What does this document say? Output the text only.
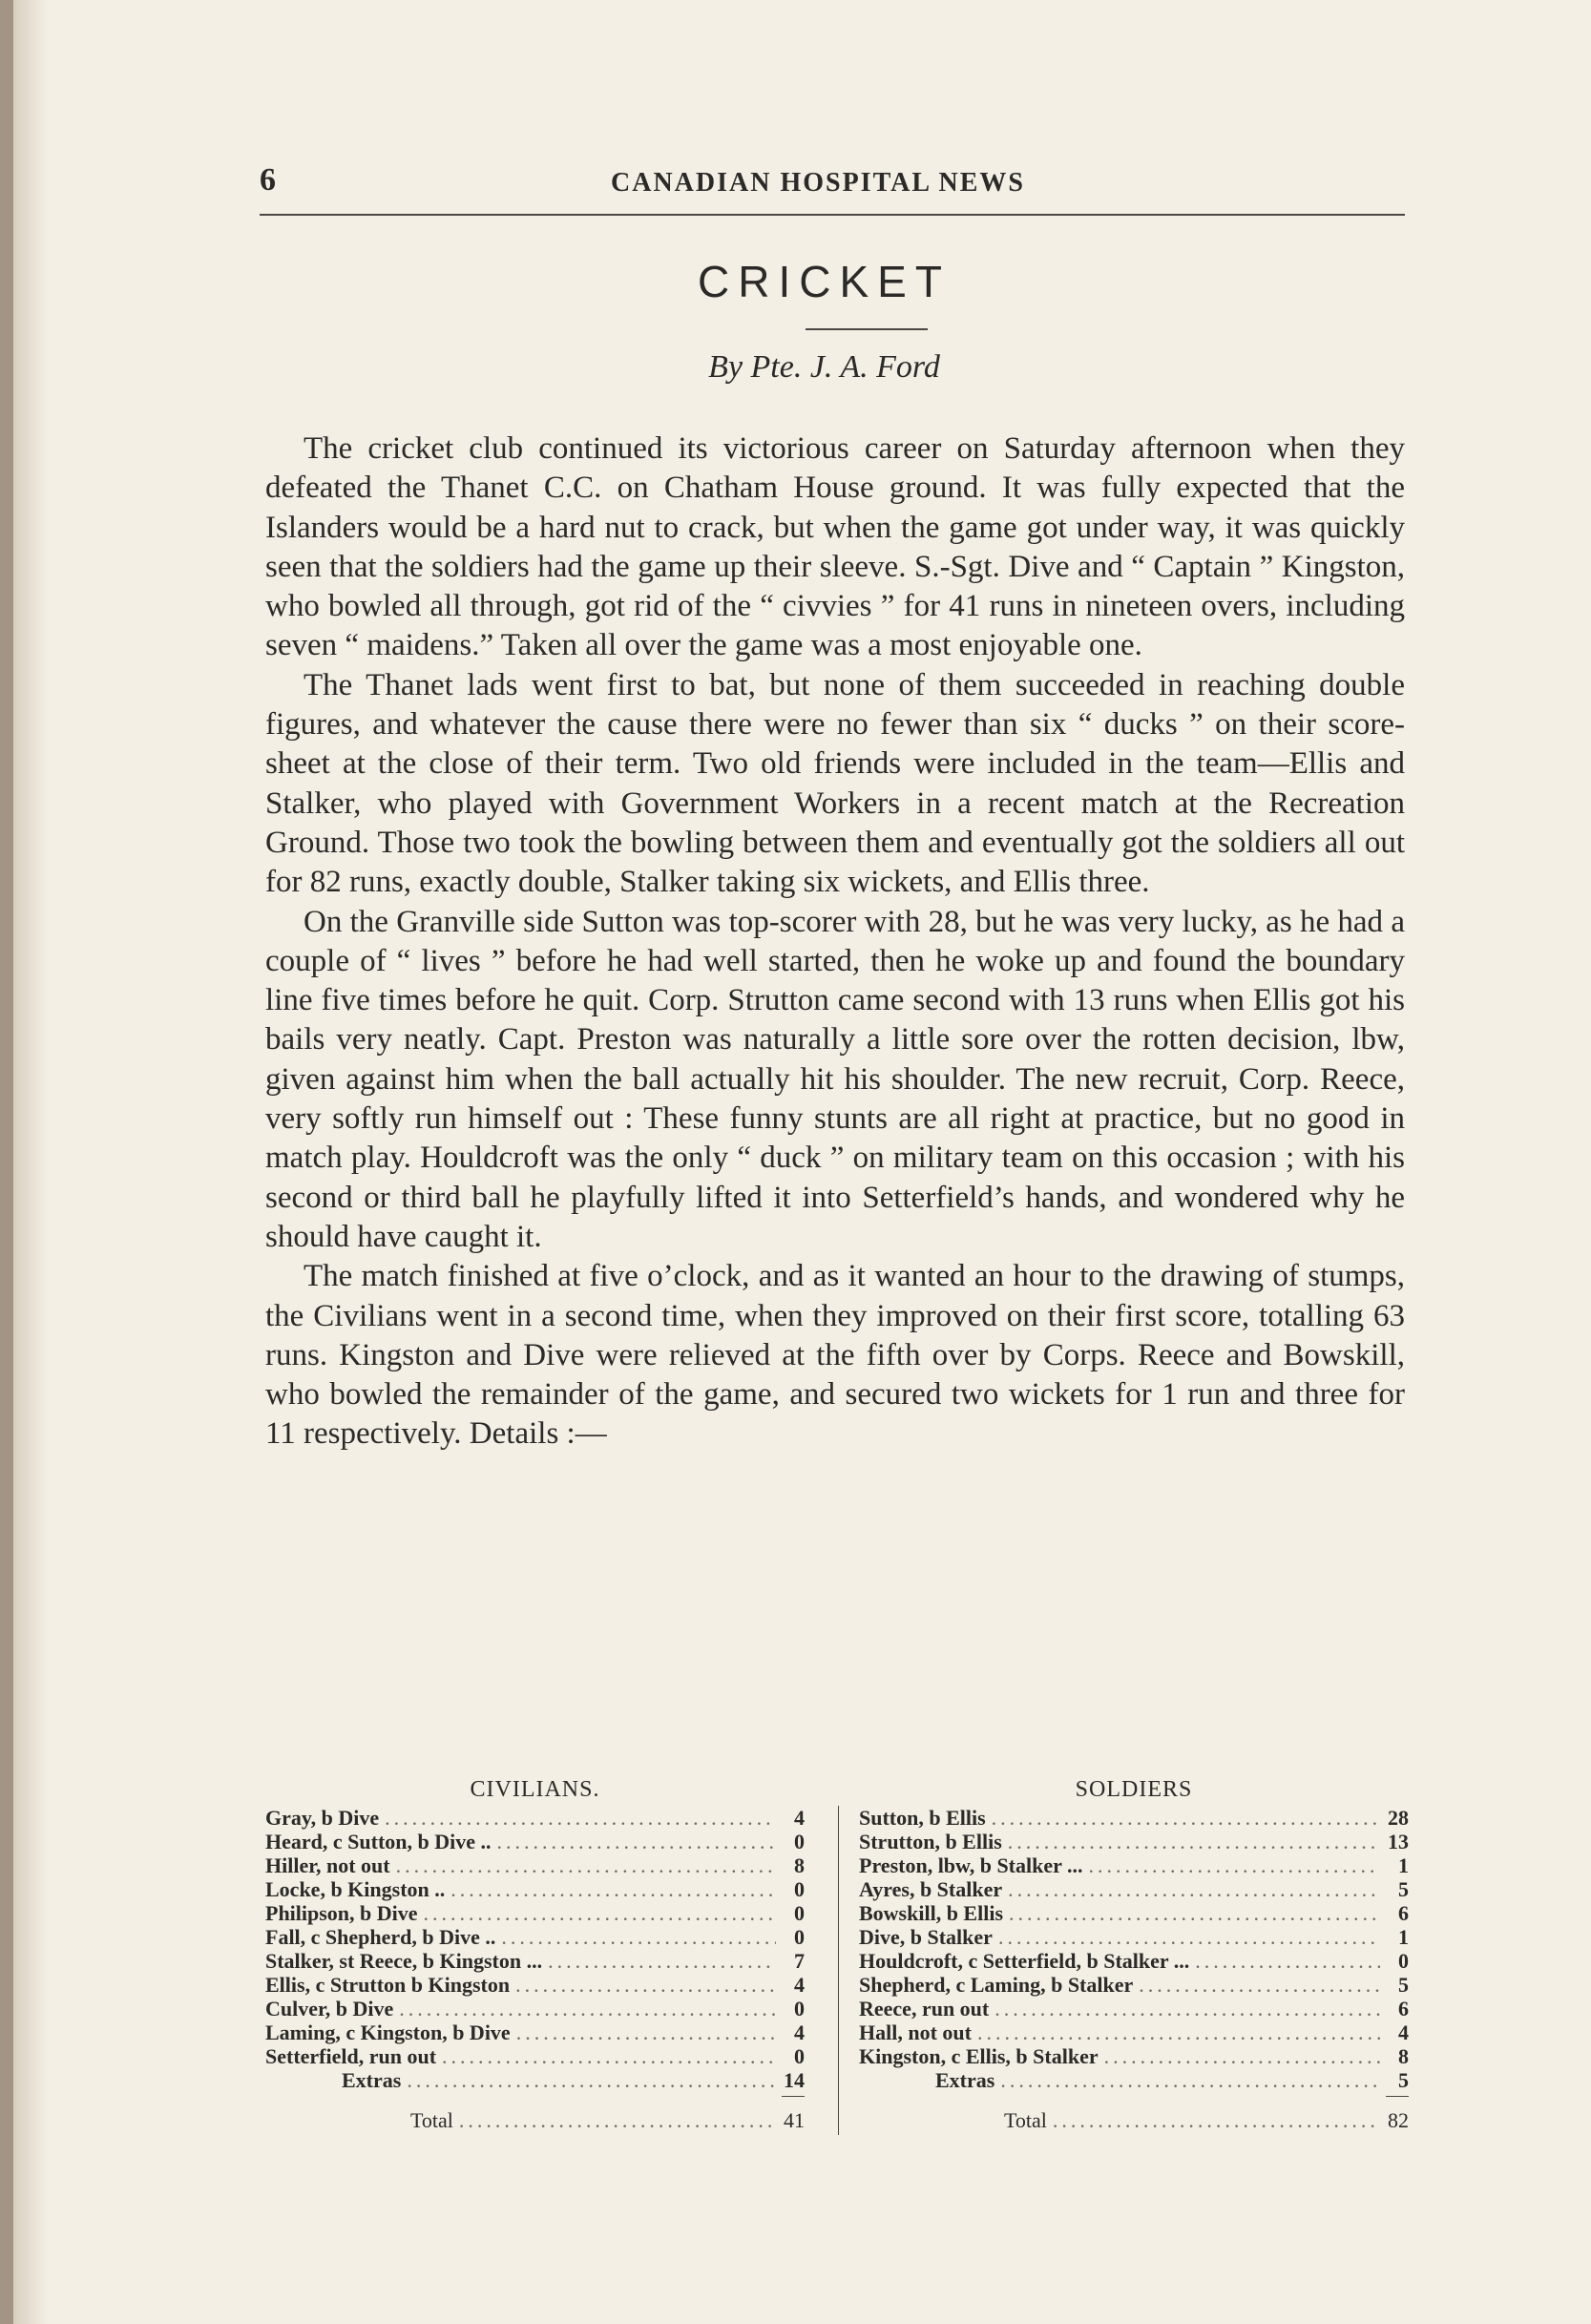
6	CANADIAN HOSPITAL NEWS
CRICKET
By Pte. J. A. Ford

The cricket club continued its victorious career on Saturday afternoon when they defeated the Thanet C.C. on Chatham House ground. It was fully expected that the Islanders would be a hard nut to crack, but when the game got under way, it was quickly seen that the soldiers had the game up their sleeve. S.-Sgt. Dive and “ Captain ” Kingston, who bowled all through, got rid of the “ civvies ” for 41 runs in nineteen overs, including seven “ maidens.” Taken all over the game was a most enjoyable one.

The Thanet lads went first to bat, but none of them succeeded in reaching double figures, and whatever the cause there were no fewer than six “ ducks ” on their score-sheet at the close of their term. Two old friends were included in the team—Ellis and Stalker, who played with Government Workers in a recent match at the Recreation Ground. Those two took the bowling between them and eventually got the soldiers all out for 82 runs, exactly double, Stalker taking six wickets, and Ellis three.

On the Granville side Sutton was top-scorer with 28, but he was very lucky, as he had a couple of “ lives ” before he had well started, then he woke up and found the boundary line five times before he quit. Corp. Strutton came second with 13 runs when Ellis got his bails very neatly. Capt. Preston was naturally a little sore over the rotten decision, lbw, given against him when the ball actually hit his shoulder. The new recruit, Corp. Reece, very softly run himself out : These funny stunts are all right at practice, but no good in match play. Houldcroft was the only “ duck ” on military team on this occasion ; with his second or third ball he playfully lifted it into Setterfield’s hands, and wondered why he should have caught it.

The match finished at five o’clock, and as it wanted an hour to the drawing of stumps, the Civilians went in a second time, when they improved on their first score, totalling 63 runs. Kingston and Dive were relieved at the fifth over by Corps. Reece and Bowskill, who bowled the remainder of the game, and secured two wickets for 1 run and three for 11 respectively. Details :—

CIVILIANS.
Gray, b Dive .....	4
Heard, c Sutton, b Dive .. .....	0
Hiller, not out .....	8
Locke, b Kingston .. .....	0
Philipson, b Dive .....	0
Fall, c Shepherd, b Dive .. .....	0
Stalker, st Reece, b Kingston ... .....	7
Ellis, c Strutton b Kingston .....	4
Culver, b Dive .....	0
Laming, c Kingston, b Dive .....	4
Setterfield, run out .....	0
Extras .....	14
Total .....	41
SOLDIERS
Sutton, b Ellis .....	28
Strutton, b Ellis .....	13
Preston, lbw, b Stalker ... .....	1
Ayres, b Stalker .....	5
Bowskill, b Ellis .....	6
Dive, b Stalker .....	1
Houldcroft, c Setterfield, b Stalker ... .....	0
Shepherd, c Laming, b Stalker .....	5
Reece, run out .....	6
Hall, not out .....	4
Kingston, c Ellis, b Stalker .....	8
Extras .....	5
Total .....	82
